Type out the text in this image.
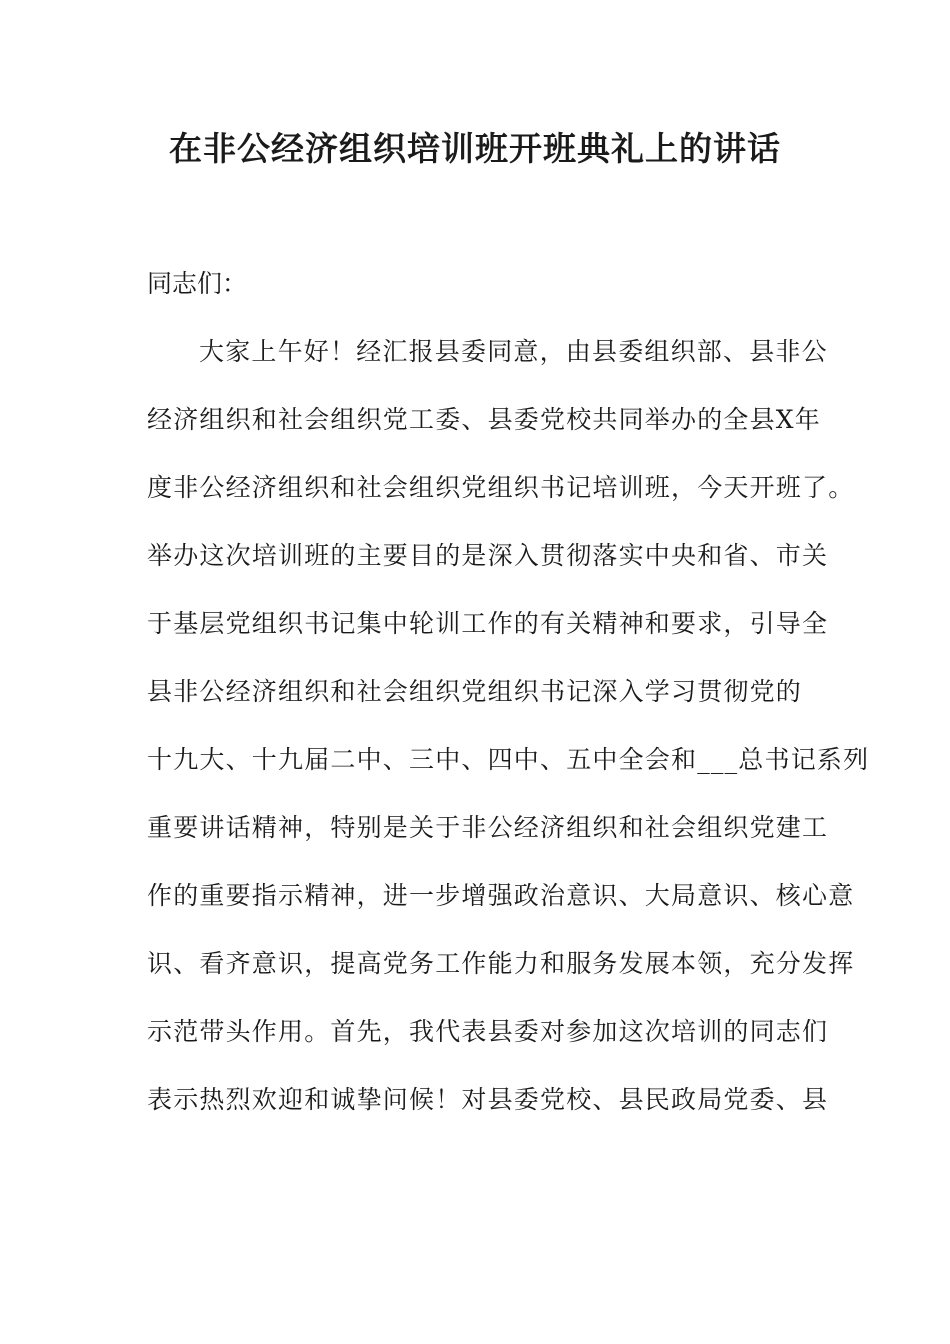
在非公经济组织培训班开班典礼上的讲话

同志们：

大家上午好！经汇报县委同意，由县委组织部、县非公
经济组织和社会组织党工委、县委党校共同举办的全县X年
度非公经济组织和社会组织党组织书记培训班，今天开班了。
举办这次培训班的主要目的是深入贯彻落实中央和省、市关
于基层党组织书记集中轮训工作的有关精神和要求，引导全
县非公经济组织和社会组织党组织书记深入学习贯彻党的
十九大、十九届二中、三中、四中、五中全会和___总书记系列
重要讲话精神，特别是关于非公经济组织和社会组织党建工
作的重要指示精神，进一步增强政治意识、大局意识、核心意
识、看齐意识，提高党务工作能力和服务发展本领，充分发挥
示范带头作用。首先，我代表县委对参加这次培训的同志们
表示热烈欢迎和诚挚问候！对县委党校、县民政局党委、县
